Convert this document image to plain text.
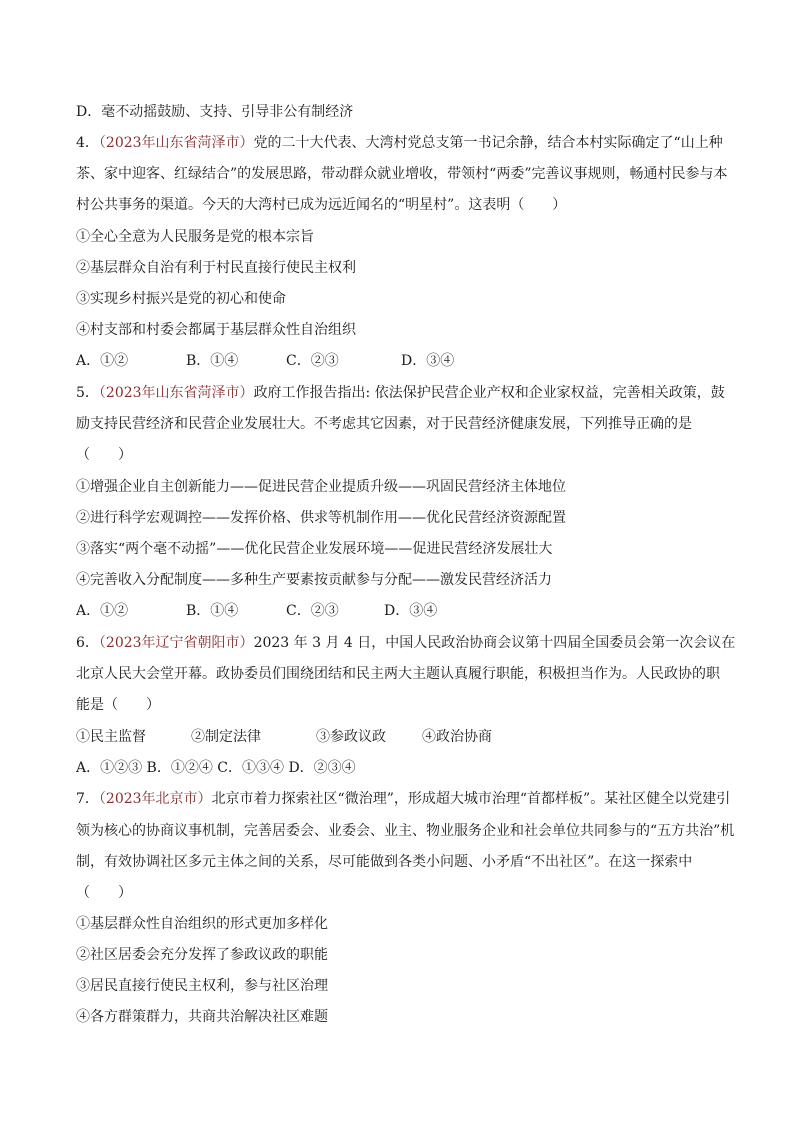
D．毫不动摇鼓励、支持、引导非公有制经济
4．（2023年山东省菏泽市）党的二十大代表、大湾村党总支第一书记余静，结合本村实际确定了“山上种
茶、家中迎客、红绿结合”的发展思路，带动群众就业增收，带领村“两委”完善议事规则，畅通村民参与本
村公共事务的渠道。今天的大湾村已成为远近闻名的“明星村”。这表明（　　）
①全心全意为人民服务是党的根本宗旨
②基层群众自治有利于村民直接行使民主权利
③实现乡村振兴是党的初心和使命
④村支部和村委会都属于基层群众性自治组织
A．①②	B．①④	C．②③	D．③④
5．（2023年山东省菏泽市）政府工作报告指出: 依法保护民营企业产权和企业家权益，完善相关政策，鼓
励支持民营经济和民营企业发展壮大。不考虑其它因素，对于民营经济健康发展，下列推导正确的是
（　　）
①增强企业自主创新能力——促进民营企业提质升级——巩固民营经济主体地位
②进行科学宏观调控——发挥价格、供求等机制作用——优化民营经济资源配置
③落实“两个毫不动摇”——优化民营企业发展环境——促进民营经济发展壮大
④完善收入分配制度——多种生产要素按贡献参与分配——激发民营经济活力
A．①②	B．①④	C．②③	D．③④
6．（2023年辽宁省朝阳市）2023 年 3 月 4 日，中国人民政治协商会议第十四届全国委员会第一次会议在
北京人民大会堂开幕。政协委员们围绕团结和民主两大主题认真履行职能，积极担当作为。人民政协的职
能是（　　）
①民主监督	②制定法律	③参政议政	④政治协商
A．①②③ B．①②④ C．①③④ D．②③④
7．（2023年北京市）北京市着力探索社区“微治理”，形成超大城市治理“首都样板”。某社区健全以党建引
领为核心的协商议事机制，完善居委会、业委会、业主、物业服务企业和社会单位共同参与的“五方共治”机
制，有效协调社区多元主体之间的关系，尽可能做到各类小问题、小矛盾“不出社区”。在这一探索中
（　　）
①基层群众性自治组织的形式更加多样化
②社区居委会充分发挥了参政议政的职能
③居民直接行使民主权利，参与社区治理
④各方群策群力，共商共治解决社区难题
